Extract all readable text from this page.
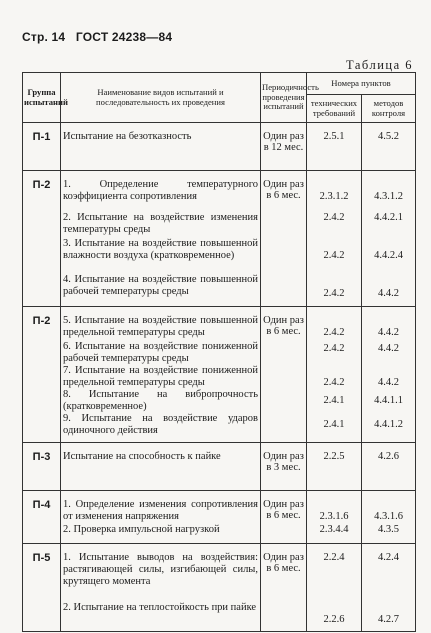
Стр. 14 ГОСТ 24238—84
Таблица 6
Группа испытаний	Наименование видов испытаний и последовательность их проведения	Периодичность проведения испытаний	Номера пунктов	
			технических требований	методов контроля
П-1	Испытание на безотказность	Один раз в 12 мес.	2.5.1	4.5.2
П-2	1. Определение температурного коэффициента сопротивления	Один раз в 6 мес.	2.3.1.2	4.3.1.2
	2. Испытание на воздействие изменения температуры среды		2.4.2	4.4.2.1
	3. Испытание на воздействие повышенной влажности воздуха (кратковременное)		2.4.2	4.4.2.4
	4. Испытание на воздействие повышенной рабочей температуры среды		2.4.2	4.4.2
П-2	5. Испытание на воздействие повышенной предельной температуры среды	Один раз в 6 мес.	2.4.2	4.4.2
	6. Испытание на воздействие пониженной рабочей температуры среды		2.4.2	4.4.2
	7. Испытание на воздействие пониженной предельной температуры среды		2.4.2	4.4.2
	8. Испытание на вибропрочность (кратковременное)		2.4.1	4.4.1.1
	9. Испытание на воздействие ударов одиночного действия		2.4.1	4.4.1.2
П-3	Испытание на способность к пайке	Один раз в 3 мес.	2.2.5	4.2.6
П-4	1. Определение изменения сопротивления от изменения напряжения	Один раз в 6 мес.	2.3.1.6	4.3.1.6
	2. Проверка импульсной нагрузкой		2.3.4.4	4.3.5
П-5	1. Испытание выводов на воздействия: растягивающей силы, изгибающей силы, крутящего момента	Один раз в 6 мес.	2.2.4	4.2.4
	2. Испытание на теплостойкость при пайке		2.2.6	4.2.7
